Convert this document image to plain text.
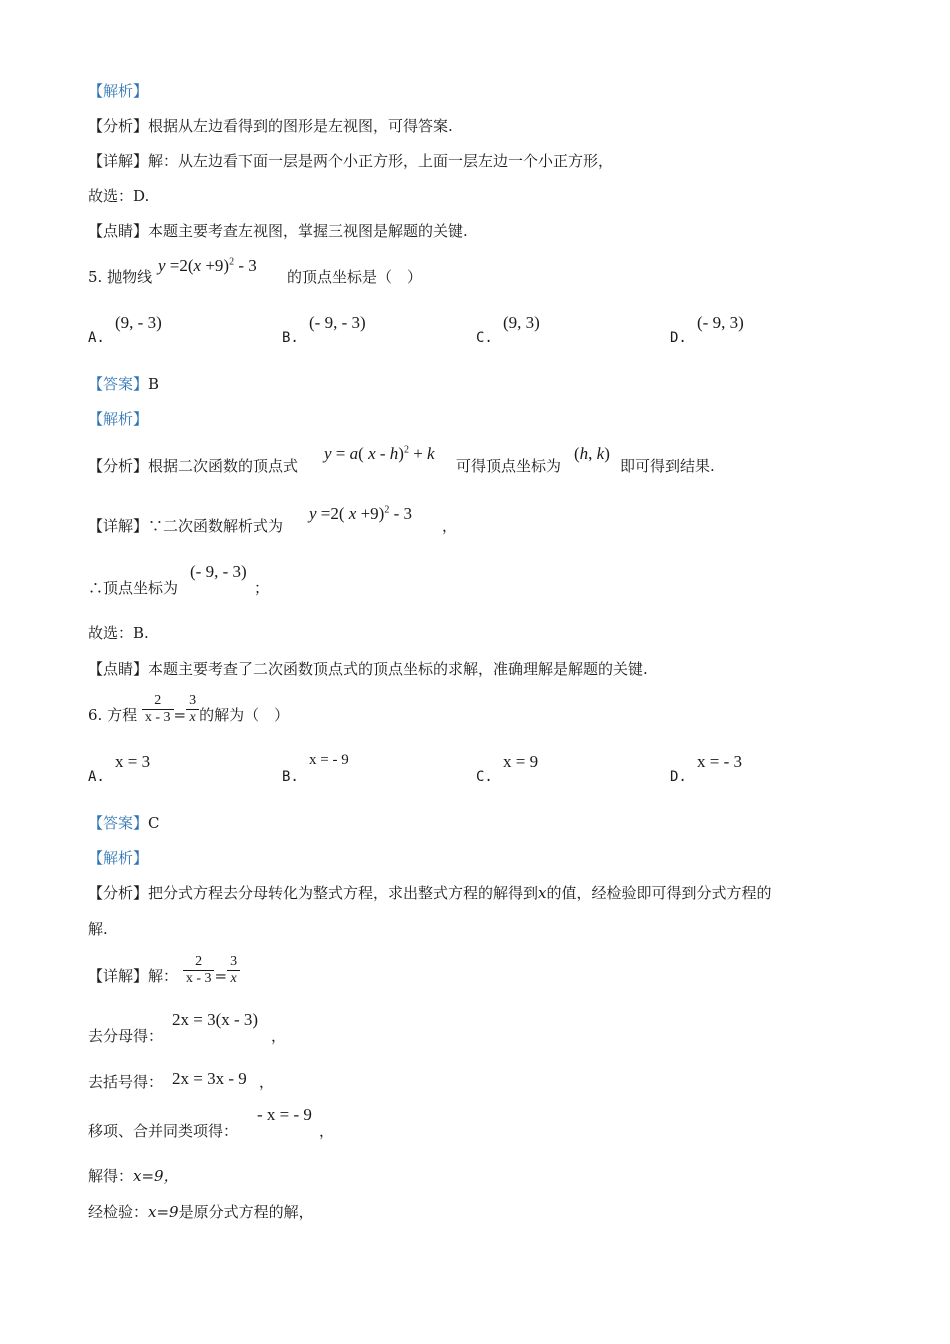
【解析】
【分析】根据从左边看得到的图形是左视图，可得答案.
【详解】解：从左边看下面一层是两个小正方形，上面一层左边一个小正方形，
故选：D.
【点睛】本题主要考查左视图，掌握三视图是解题的关键.
5. 抛物线
$y =2(x +9)^2 - 3$
的顶点坐标是（　）
A.
(9, - 3)
B.
(- 9, - 3)
C.
(9, 3)
D.
(- 9, 3)
【答案】B
【解析】
【分析】根据二次函数的顶点式
y = a( x - h)$^2$ + k
可得顶点坐标为
(h, k)
即可得到结果.
【详解】∵二次函数解析式为
y =2( x +9)$^2$ - 3
，
∴顶点坐标为
(- 9, - 3)
；
故选：B.
【点睛】本题主要考查了二次函数顶点式的顶点坐标的求解，准确理解是解题的关键.
6. 方程 $\frac{2}{x - 3} = \frac{3}{x}$ 的解为（　）
A.
x = 3
B.
x = - 9
C.
x = 9
D.
x = - 3
【答案】C
【解析】
【分析】把分式方程去分母转化为整式方程，求出整式方程的解得到x的值，经检验即可得到分式方程的
解.
【详解】解： $\frac{2}{x - 3} = \frac{3}{x}$
去分母得：
2x = 3(x - 3)
，
去括号得： 2x = 3x - 9 ，
移项、合并同类项得：
- x = - 9
，
解得：x=9，
经检验：x=9是原分式方程的解，
